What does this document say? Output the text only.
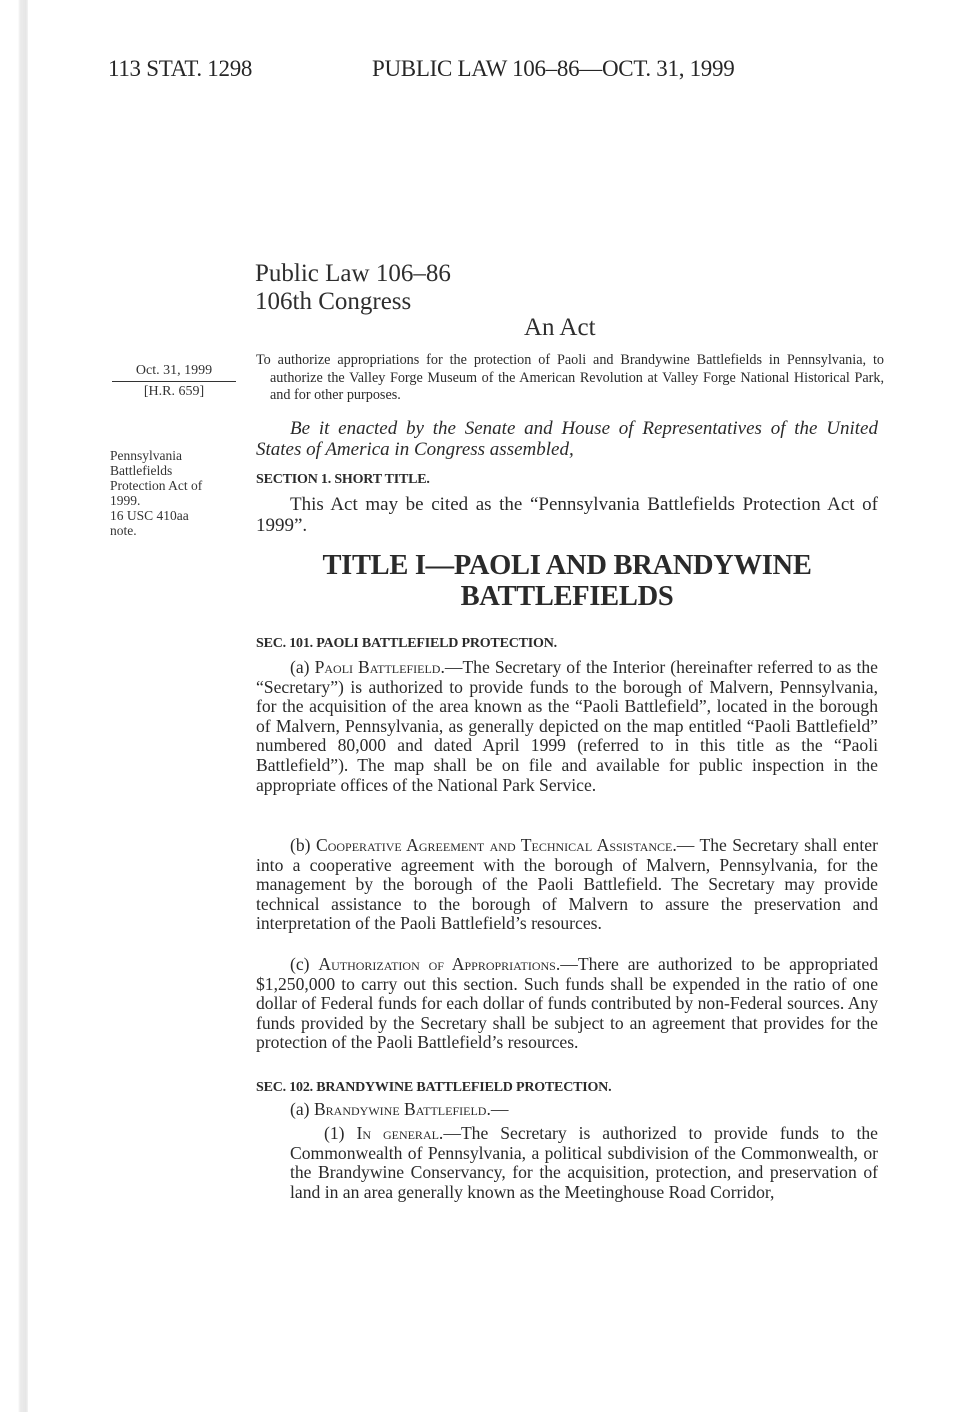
113 STAT. 1298	PUBLIC LAW 106–86—OCT. 31, 1999
Public Law 106–86
106th Congress
An Act
Oct. 31, 1999
[H.R. 659]
To authorize appropriations for the protection of Paoli and Brandywine Battlefields in Pennsylvania, to authorize the Valley Forge Museum of the American Revolution at Valley Forge National Historical Park, and for other purposes.
Pennsylvania
Battlefields
Protection Act of
1999.
16 USC 410aa
note.
Be it enacted by the Senate and House of Representatives of the United States of America in Congress assembled,
SECTION 1. SHORT TITLE.
This Act may be cited as the “Pennsylvania Battlefields Protection Act of 1999”.
TITLE I—PAOLI AND BRANDYWINE
BATTLEFIELDS
SEC. 101. PAOLI BATTLEFIELD PROTECTION.

(a) Paoli Battlefield.—The Secretary of the Interior (hereinafter referred to as the “Secretary”) is authorized to provide funds to the borough of Malvern, Pennsylvania, for the acquisition of the area known as the “Paoli Battlefield”, located in the borough of Malvern, Pennsylvania, as generally depicted on the map entitled “Paoli Battlefield” numbered 80,000 and dated April 1999 (referred to in this title as the “Paoli Battlefield”). The map shall be on file and available for public inspection in the appropriate offices of the National Park Service.

(b) Cooperative Agreement and Technical Assistance.— The Secretary shall enter into a cooperative agreement with the borough of Malvern, Pennsylvania, for the management by the borough of the Paoli Battlefield. The Secretary may provide technical assistance to the borough of Malvern to assure the preservation and interpretation of the Paoli Battlefield’s resources.

(c) Authorization of Appropriations.—There are authorized to be appropriated $1,250,000 to carry out this section. Such funds shall be expended in the ratio of one dollar of Federal funds for each dollar of funds contributed by non-Federal sources. Any funds provided by the Secretary shall be subject to an agreement that provides for the protection of the Paoli Battlefield’s resources.

SEC. 102. BRANDYWINE BATTLEFIELD PROTECTION.

(a) Brandywine Battlefield.—

(1) In general.—The Secretary is authorized to provide funds to the Commonwealth of Pennsylvania, a political subdivision of the Commonwealth, or the Brandywine Conservancy, for the acquisition, protection, and preservation of land in an area generally known as the Meetinghouse Road Corridor,
